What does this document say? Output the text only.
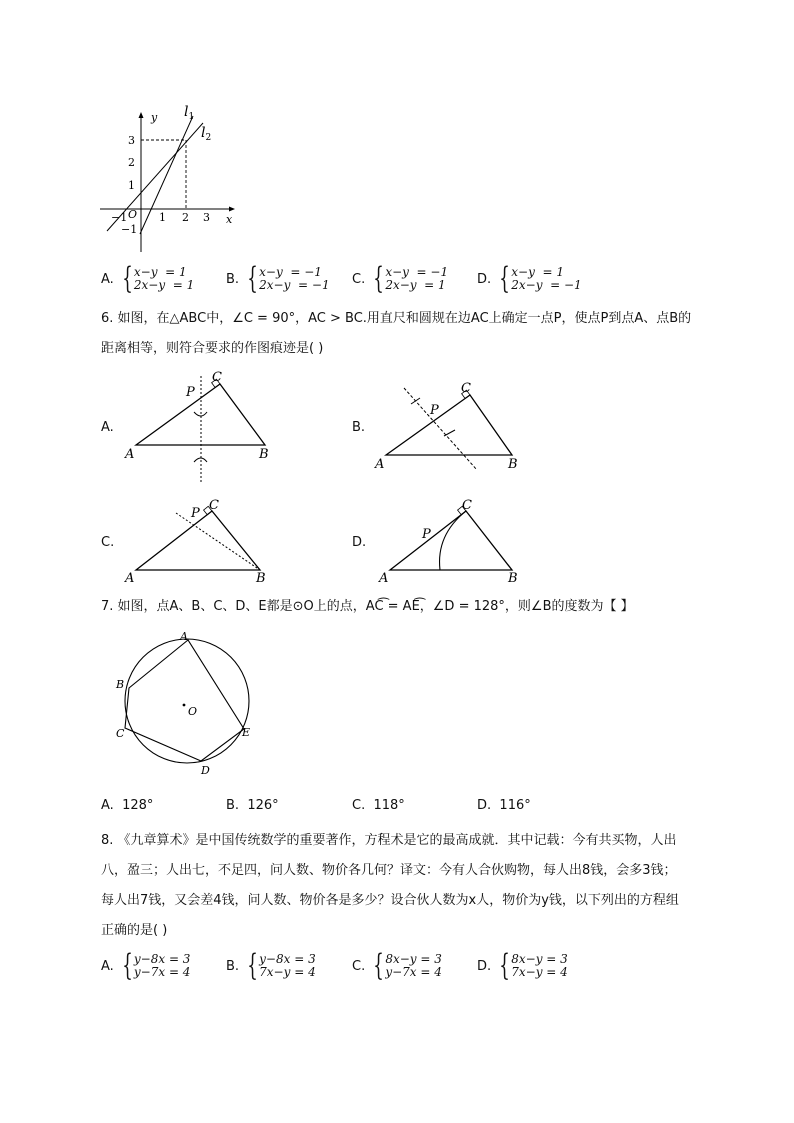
y
x
O
$l_1$
$l_2$
−1	1 2 3
3
2
1
−1
A. { x−y  = 1
2x−y  = 1 B. { x−y  = −1
2x−y  = −1 C. { x−y  = −1
2x−y  = 1 D. { x−y  = 1
2x−y  = −1
6. 如图，在△ABC中，∠C = 90°，AC > BC.用直尺和圆规在边AC上确定一点P，使点P到点A、点B的
距离相等，则符合要求的作图痕迹是( )
A.
A	B
C
P
B.
A	B
C
P
C.
A	B
C
P
D.
A	B
C
P
7. 如图，点A、B、C、D、E都是⊙O上的点，AC͡ = AE͡，∠D = 128°，则∠B的度数为【 】
A
B
C
D
E
O
A. 128°	B. 126°	C. 118°	D. 116°
8. 《九章算术》是中国传统数学的重要著作，方程术是它的最高成就．其中记载：今有共买物，人出
八，盈三；人出七，不足四，问人数、物价各几何？译文：今有人合伙购物，每人出8钱，会多3钱；
每人出7钱，又会差4钱，问人数、物价各是多少？设合伙人数为x人，物价为y钱，以下列出的方程组
正确的是( )
A. { y−8x = 3
y−7x = 4	B. { y−8x = 3
7x−y = 4	C. { 8x−y = 3
y−7x = 4	D. { 8x−y = 3
7x−y = 4
